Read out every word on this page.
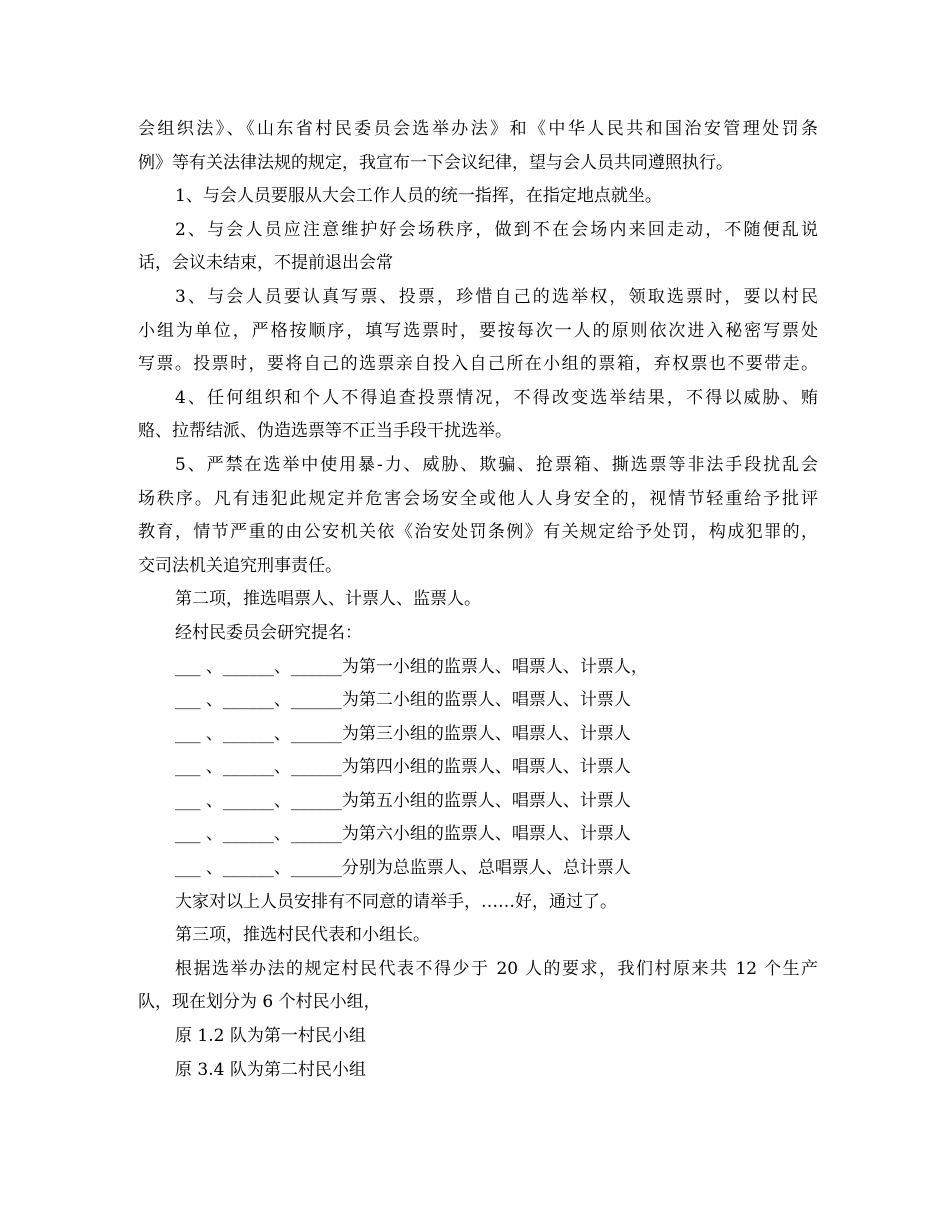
会组织法》、《山东省村民委员会选举办法》和《中华人民共和国治安管理处罚条
例》等有关法律法规的规定，我宣布一下会议纪律，望与会人员共同遵照执行。
1、与会人员要服从大会工作人员的统一指挥，在指定地点就坐。
2、与会人员应注意维护好会场秩序，做到不在会场内来回走动，不随便乱说
话，会议未结束，不提前退出会常
3、与会人员要认真写票、投票，珍惜自己的选举权，领取选票时，要以村民
小组为单位，严格按顺序，填写选票时，要按每次一人的原则依次进入秘密写票处
写票。投票时，要将自己的选票亲自投入自己所在小组的票箱，弃权票也不要带走。
4、任何组织和个人不得追查投票情况，不得改变选举结果，不得以威胁、贿
赂、拉帮结派、伪造选票等不正当手段干扰选举。
5、严禁在选举中使用暴-力、威胁、欺骗、抢票箱、撕选票等非法手段扰乱会
场秩序。凡有违犯此规定并危害会场安全或他人人身安全的，视情节轻重给予批评
教育，情节严重的由公安机关依《治安处罚条例》有关规定给予处罚，构成犯罪的，
交司法机关追究刑事责任。
第二项，推选唱票人、计票人、监票人。
经村民委员会研究提名：
___ 、______、______为第一小组的监票人、唱票人、计票人，
___ 、______、______为第二小组的监票人、唱票人、计票人
___ 、______、______为第三小组的监票人、唱票人、计票人
___ 、______、______为第四小组的监票人、唱票人、计票人
___ 、______、______为第五小组的监票人、唱票人、计票人
___ 、______、______为第六小组的监票人、唱票人、计票人
___ 、______、______分别为总监票人、总唱票人、总计票人
大家对以上人员安排有不同意的请举手，……好，通过了。
第三项，推选村民代表和小组长。
根据选举办法的规定村民代表不得少于 20 人的要求，我们村原来共 12 个生产
队，现在划分为 6 个村民小组，
原 1.2 队为第一村民小组
原 3.4 队为第二村民小组
